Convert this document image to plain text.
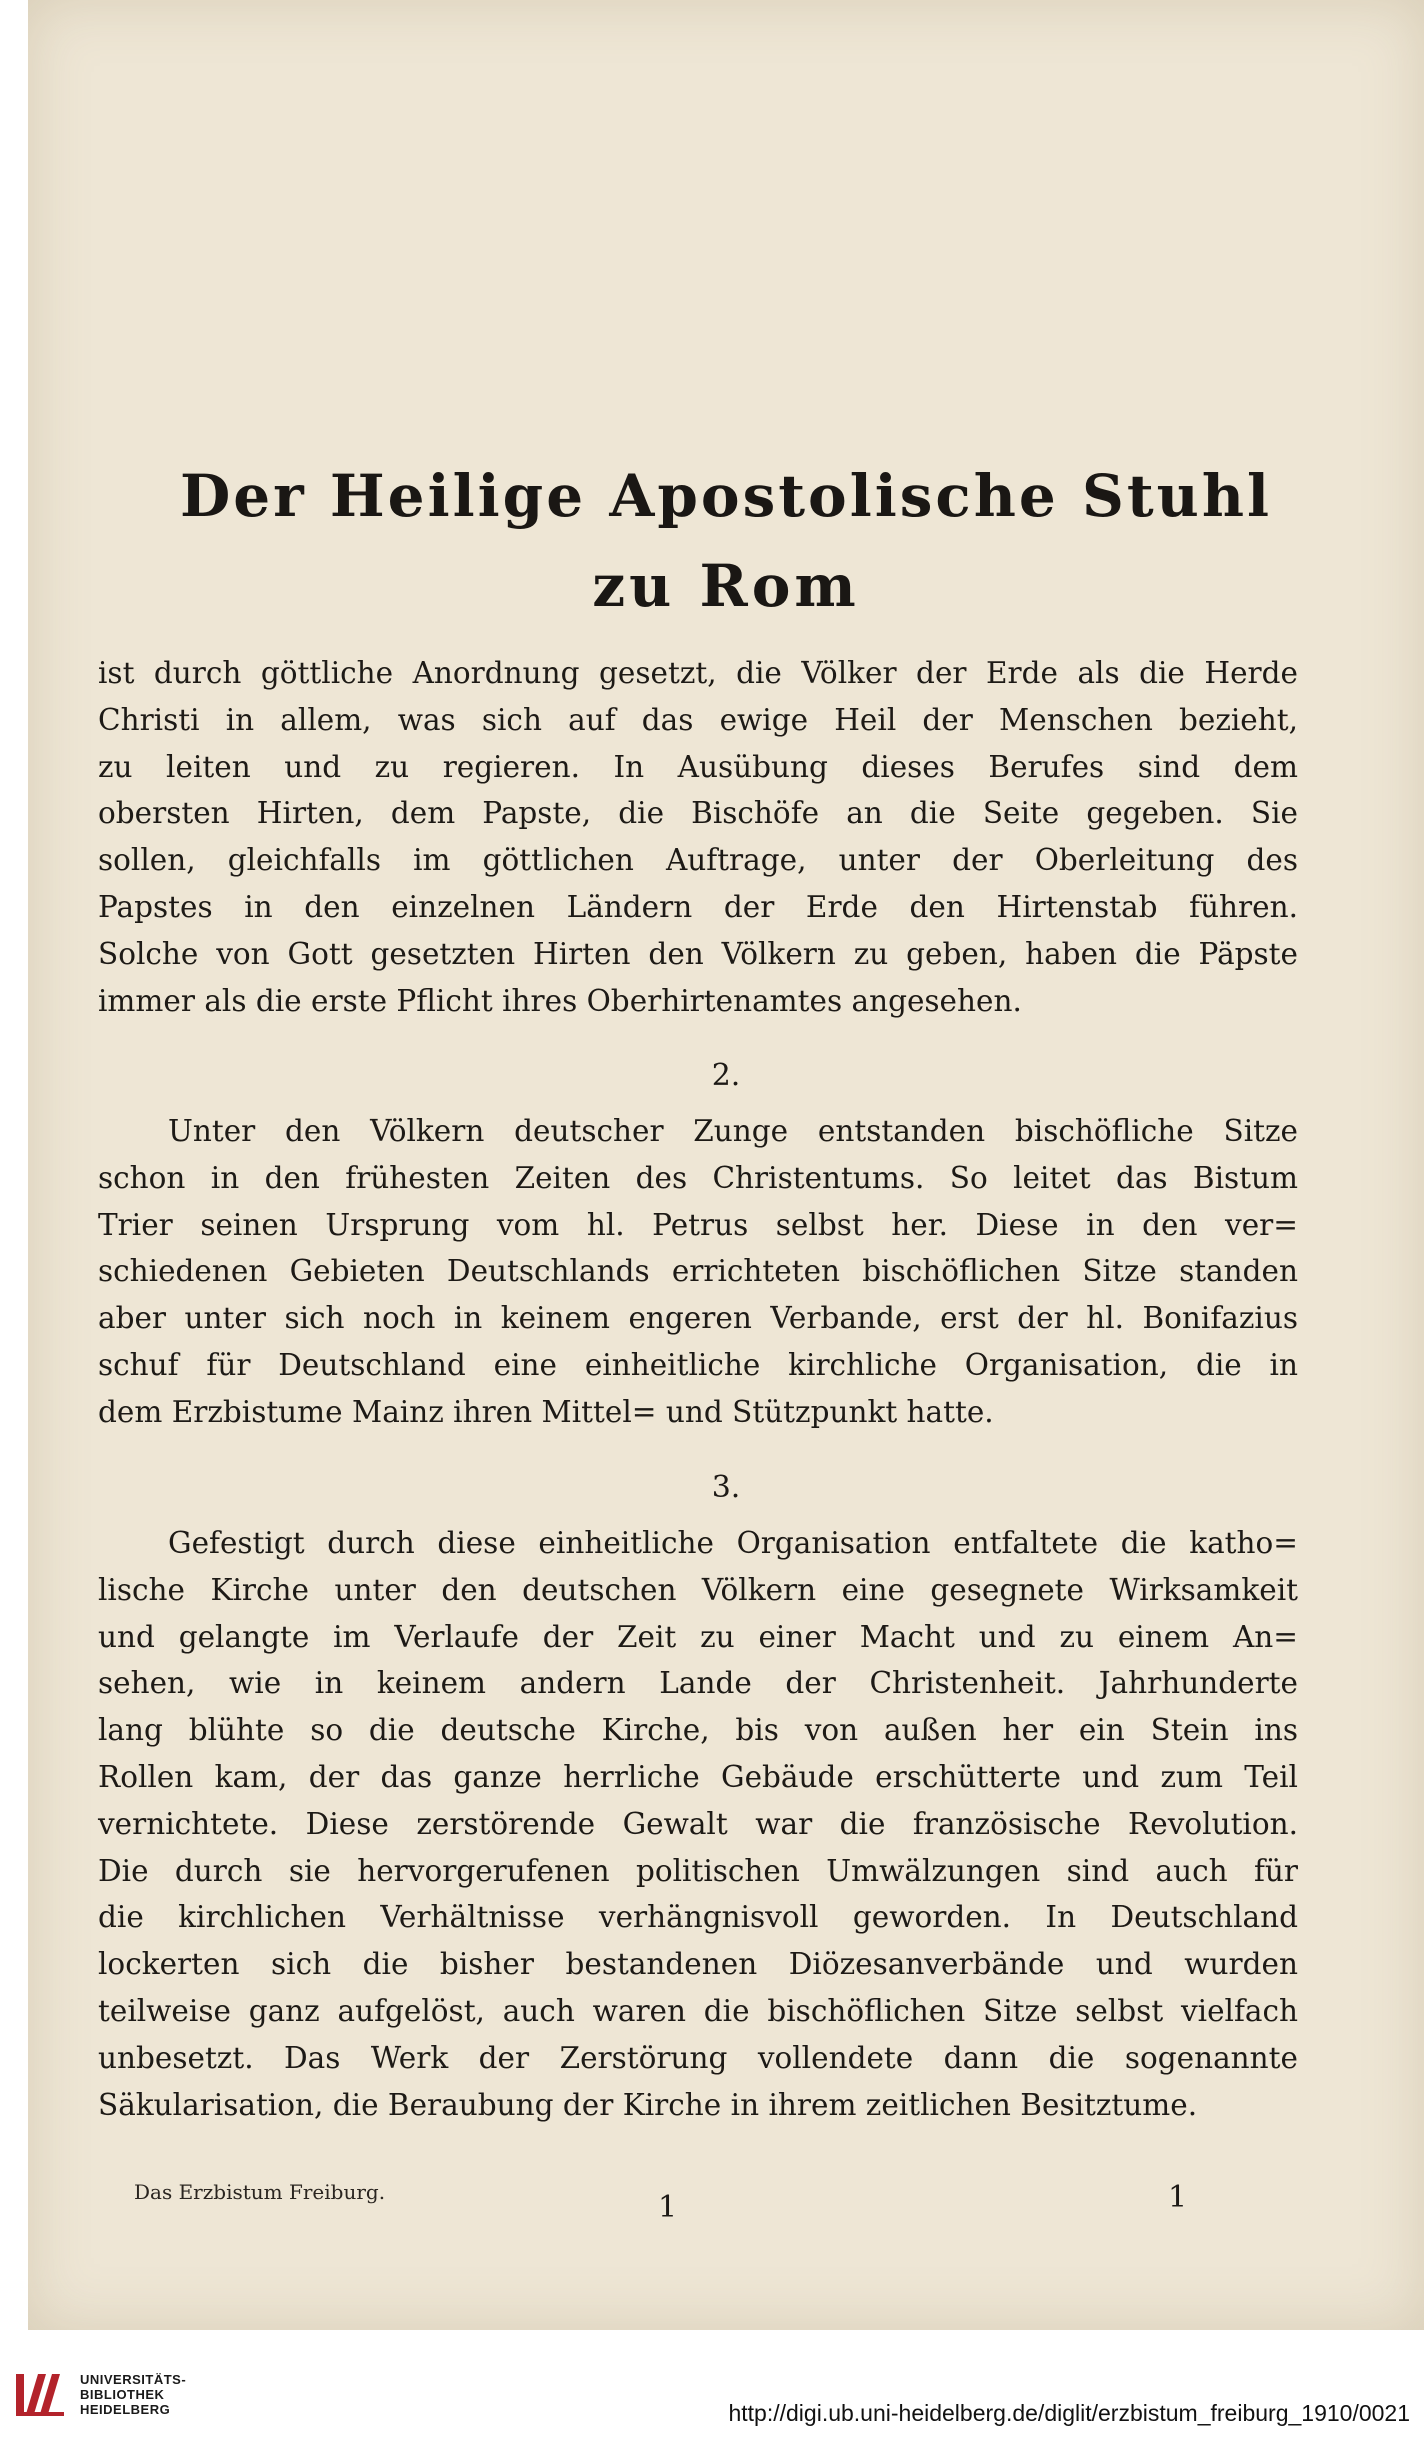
Der Heilige Apostolische Stuhl
zu Rom
ist durch göttliche Anordnung gesetzt, die Völker der Erde als die Herde
Christi in allem, was sich auf das ewige Heil der Menschen bezieht,
zu leiten und zu regieren. In Ausübung dieses Berufes sind dem
obersten Hirten, dem Papste, die Bischöfe an die Seite gegeben. Sie
sollen, gleichfalls im göttlichen Auftrage, unter der Oberleitung des
Papstes in den einzelnen Ländern der Erde den Hirtenstab führen.
Solche von Gott gesetzten Hirten den Völkern zu geben, haben die Päpste
immer als die erste Pflicht ihres Oberhirtenamtes angesehen.
2.
Unter den Völkern deutscher Zunge entstanden bischöfliche Sitze
schon in den frühesten Zeiten des Christentums. So leitet das Bistum
Trier seinen Ursprung vom hl. Petrus selbst her. Diese in den ver=
schiedenen Gebieten Deutschlands errichteten bischöflichen Sitze standen
aber unter sich noch in keinem engeren Verbande, erst der hl. Bonifazius
schuf für Deutschland eine einheitliche kirchliche Organisation, die in
dem Erzbistume Mainz ihren Mittel= und Stützpunkt hatte.
3.
Gefestigt durch diese einheitliche Organisation entfaltete die katho=
lische Kirche unter den deutschen Völkern eine gesegnete Wirksamkeit
und gelangte im Verlaufe der Zeit zu einer Macht und zu einem An=
sehen, wie in keinem andern Lande der Christenheit. Jahrhunderte
lang blühte so die deutsche Kirche, bis von außen her ein Stein ins
Rollen kam, der das ganze herrliche Gebäude erschütterte und zum Teil
vernichtete. Diese zerstörende Gewalt war die französische Revolution.
Die durch sie hervorgerufenen politischen Umwälzungen sind auch für
die kirchlichen Verhältnisse verhängnisvoll geworden. In Deutschland
lockerten sich die bisher bestandenen Diözesanverbände und wurden
teilweise ganz aufgelöst, auch waren die bischöflichen Sitze selbst vielfach
unbesetzt. Das Werk der Zerstörung vollendete dann die sogenannte
Säkularisation, die Beraubung der Kirche in ihrem zeitlichen Besitztume.
Das Erzbistum Freiburg.	1	1
UNIVERSITÄTS-
BIBLIOTHEK
HEIDELBERG	http://digi.ub.uni-heidelberg.de/diglit/erzbistum_freiburg_1910/0021
